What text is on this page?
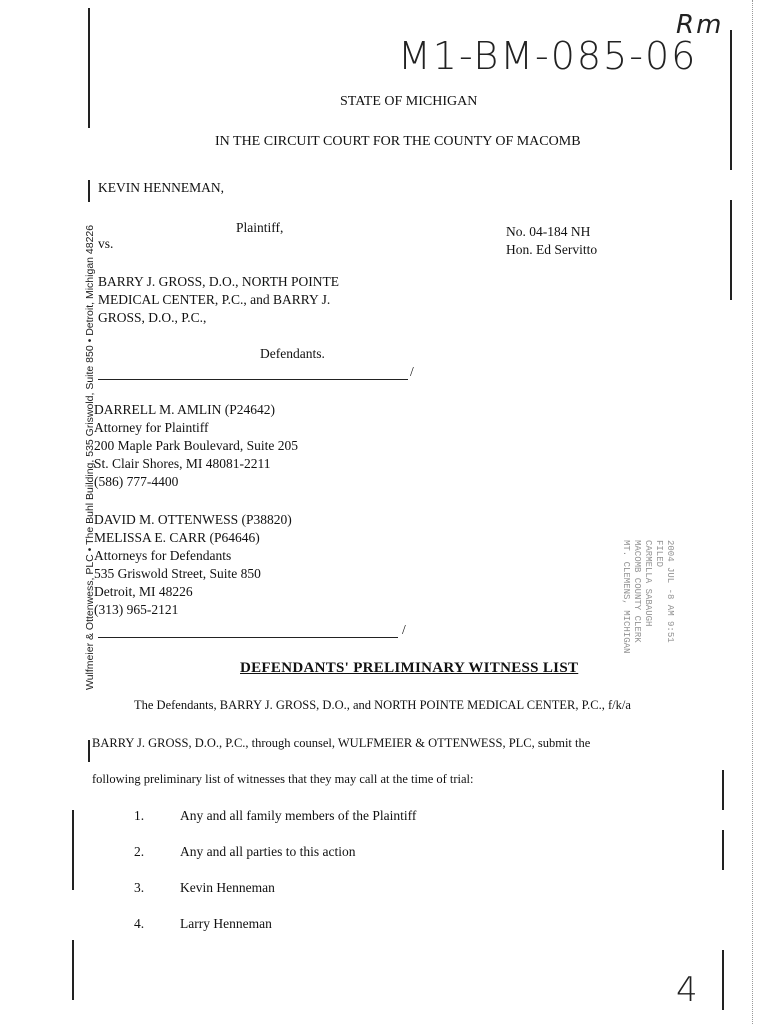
Wulfmeier & Ottenwess, PLC • The Buhl Building, 535 Griswold, Suite 850 • Detroit, Michigan 48226
M1-BM-085-06
Rm
4
STATE OF MICHIGAN
IN THE CIRCUIT COURT FOR THE COUNTY OF MACOMB
KEVIN HENNEMAN,
Plaintiff,
vs.
No. 04-184 NH
Hon. Ed Servitto
BARRY J. GROSS, D.O., NORTH POINTE
MEDICAL CENTER, P.C., and BARRY J.
GROSS, D.O., P.C.,
Defendants.
/
DARRELL M. AMLIN (P24642)
Attorney for Plaintiff
200 Maple Park Boulevard, Suite 205
St. Clair Shores, MI 48081-2211
(586) 777-4400
DAVID M. OTTENWESS (P38820)
MELISSA E. CARR (P64646)
Attorneys for Defendants
535 Griswold Street, Suite 850
Detroit, MI 48226
(313) 965-2121
/	2004 JUL -8 AM 9:51
FILED
CARMELLA SABAUGH
MACOMB COUNTY CLERK
MT. CLEMENS, MICHIGAN
DEFENDANTS' PRELIMINARY WITNESS LIST
The Defendants, BARRY J. GROSS, D.O., and NORTH POINTE MEDICAL CENTER, P.C., f/k/a
BARRY J. GROSS, D.O., P.C., through counsel, WULFMEIER & OTTENWESS, PLC, submit the
following preliminary list of witnesses that they may call at the time of trial:
1.	Any and all family members of the Plaintiff
2.	Any and all parties to this action
3.	Kevin Henneman
4.	Larry Henneman
